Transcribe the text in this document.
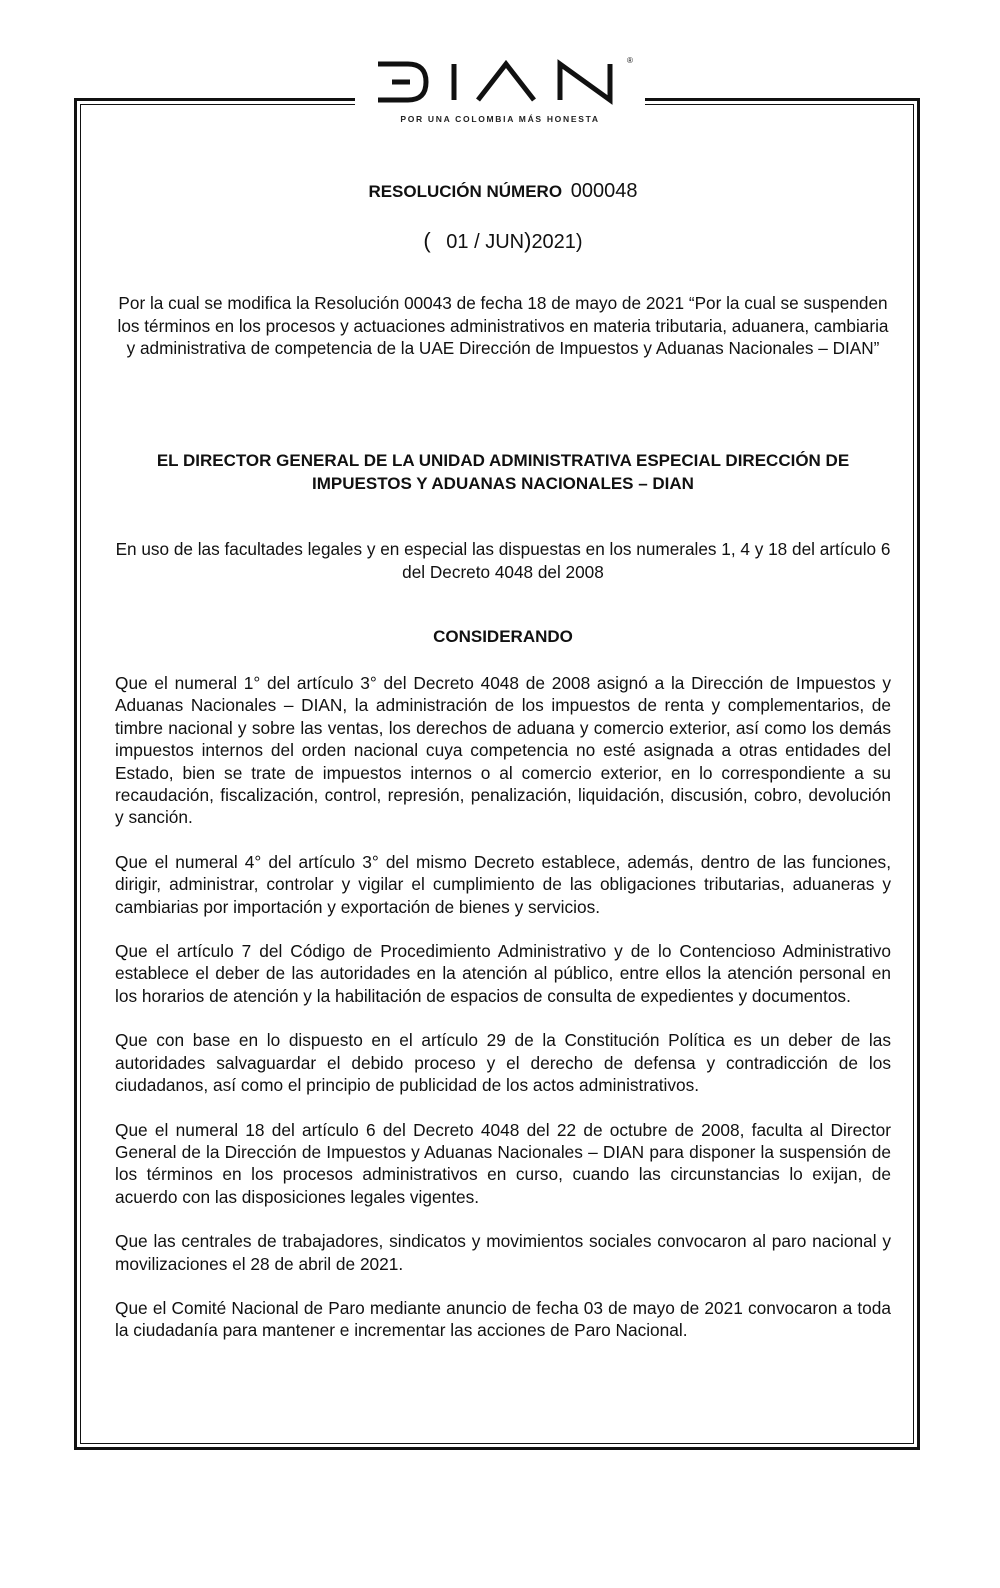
®
POR UNA COLOMBIA MÁS HONESTA
RESOLUCIÓN NÚMERO 000048
( 01 / JUN)2021)
Por la cual se modifica la Resolución 00043 de fecha 18 de mayo de 2021 “Por la cual se suspenden los términos en los procesos y actuaciones administrativos en materia tributaria, aduanera, cambiaria y administrativa de competencia de la UAE Dirección de Impuestos y Aduanas Nacionales – DIAN”
EL DIRECTOR GENERAL DE LA UNIDAD ADMINISTRATIVA ESPECIAL DIRECCIÓN DE IMPUESTOS Y ADUANAS NACIONALES – DIAN
En uso de las facultades legales y en especial las dispuestas en los numerales 1, 4 y 18 del artículo 6 del Decreto 4048 del 2008
CONSIDERANDO

Que el numeral 1° del artículo 3° del Decreto 4048 de 2008 asignó a la Dirección de Impuestos y Aduanas Nacionales – DIAN, la administración de los impuestos de renta y complementarios, de timbre nacional y sobre las ventas, los derechos de aduana y comercio exterior, así como los demás impuestos internos del orden nacional cuya competencia no esté asignada a otras entidades del Estado, bien se trate de impuestos internos o al comercio exterior, en lo correspondiente a su recaudación, fiscalización, control, represión, penalización, liquidación, discusión, cobro, devolución y sanción.

Que el numeral 4° del artículo 3° del mismo Decreto establece, además, dentro de las funciones, dirigir, administrar, controlar y vigilar el cumplimiento de las obligaciones tributarias, aduaneras y cambiarias por importación y exportación de bienes y servicios.

Que el artículo 7 del Código de Procedimiento Administrativo y de lo Contencioso Administrativo establece el deber de las autoridades en la atención al público, entre ellos la atención personal en los horarios de atención y la habilitación de espacios de consulta de expedientes y documentos.

Que con base en lo dispuesto en el artículo 29 de la Constitución Política es un deber de las autoridades salvaguardar el debido proceso y el derecho de defensa y contradicción de los ciudadanos, así como el principio de publicidad de los actos administrativos.

Que el numeral 18 del artículo 6 del Decreto 4048 del 22 de octubre de 2008, faculta al Director General de la Dirección de Impuestos y Aduanas Nacionales – DIAN para disponer la suspensión de los términos en los procesos administrativos en curso, cuando las circunstancias lo exijan, de acuerdo con las disposiciones legales vigentes.

Que las centrales de trabajadores, sindicatos y movimientos sociales convocaron al paro nacional y movilizaciones el 28 de abril de 2021.

Que el Comité Nacional de Paro mediante anuncio de fecha 03 de mayo de 2021 convocaron a toda la ciudadanía para mantener e incrementar las acciones de Paro Nacional.
